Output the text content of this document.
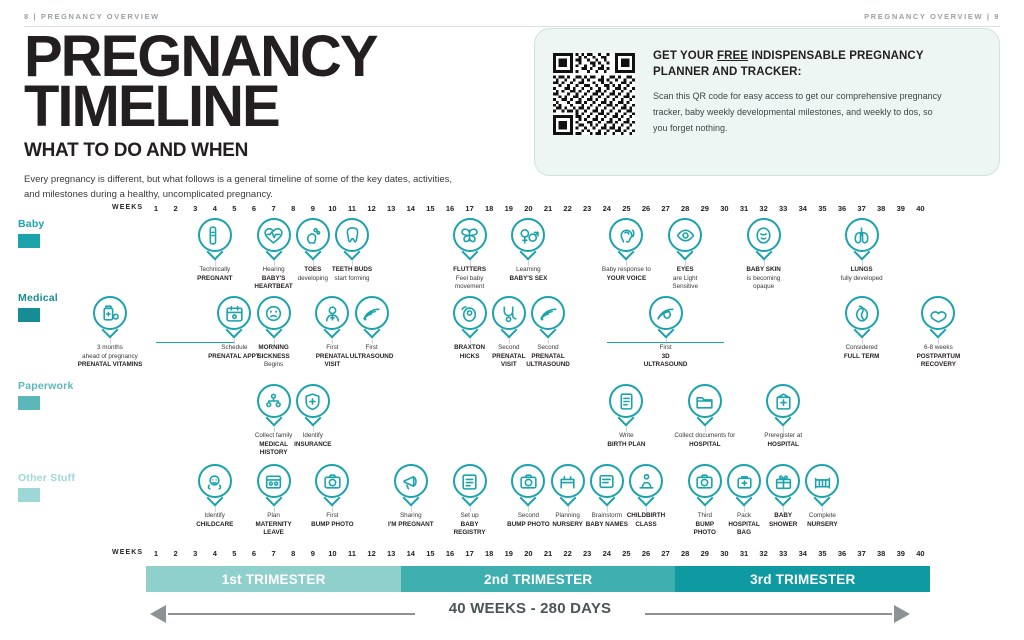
8 | PREGNANCY OVERVIEW	PREGNANCY OVERVIEW | 9
PREGNANCY
TIMELINE
WHAT TO DO AND WHEN

Every pregnancy is different, but what follows is a general timeline of some of the key dates, activities, and milestones during a healthy, uncomplicated pregnancy.

GET YOUR FREE INDISPENSABLE PREGNANCY PLANNER AND TRACKER:
Scan this QR code for easy access to get our comprehensive pregnancy tracker, baby weekly developmental milestones, and weekly to dos, so you forget nothing.
WEEKS	1	2	3	4	5	6	7	8	9	10 11 12 13 14 15 16 17 18 19 20 21 22 23 24 25 26 27 28 29 30 31 32 33 34 35 36 37 38 39 40
WEEKS	1	2	3	4	5	6	7	8	9	10 11 12 13 14 15 16 17 18 19 20 21 22 23 24 25 26 27 28 29 30 31 32 33 34 35 36 37 38 39 40
Baby
Medical
Paperwork
Other Stuff
Technically
PREGNANT

Hearing
BABY'S
HEARTBEAT

TOES
developing

TEETH BUDS
start forming

FLUTTERS
Feel baby
movement

Learning
BABY'S SEX

Baby response to
YOUR VOICE

EYES
are Light
Sensitive

BABY SKIN
is becoming
opaque

LUNGS
fully developed

3 months
ahead of pregnancy
PRENATAL VITAMINS

Schedule
PRENATAL APPT.

MORNING
SICKNESS
Begins

First
PRENATAL
VISIT

First
ULTRASOUND

BRAXTON
HICKS

Second
PRENATAL
VISIT

Second
PRENATAL
ULTRASOUND

First
3D
ULTRASOUND

Considered
FULL TERM

6-8 weeks
POSTPARTUM
RECOVERY

Collect family
MEDICAL
HISTORY

Identify
INSURANCE

Write
BIRTH PLAN

Collect documents for
HOSPITAL

Preregister at
HOSPITAL

Identify
CHILDCARE

Plan
MATERNITY
LEAVE

First
BUMP PHOTO

Sharing
I'M PREGNANT

Set up
BABY
REGISTRY

Second
BUMP PHOTO

Planning
NURSERY

Brainstorm
BABY NAMES

CHILDBIRTH
CLASS

Third
BUMP
PHOTO

Pack
HOSPITAL
BAG

BABY
SHOWER

Complete
NURSERY

1st TRIMESTER	2nd TRIMESTER	3rd TRIMESTER
40 WEEKS - 280 DAYS
